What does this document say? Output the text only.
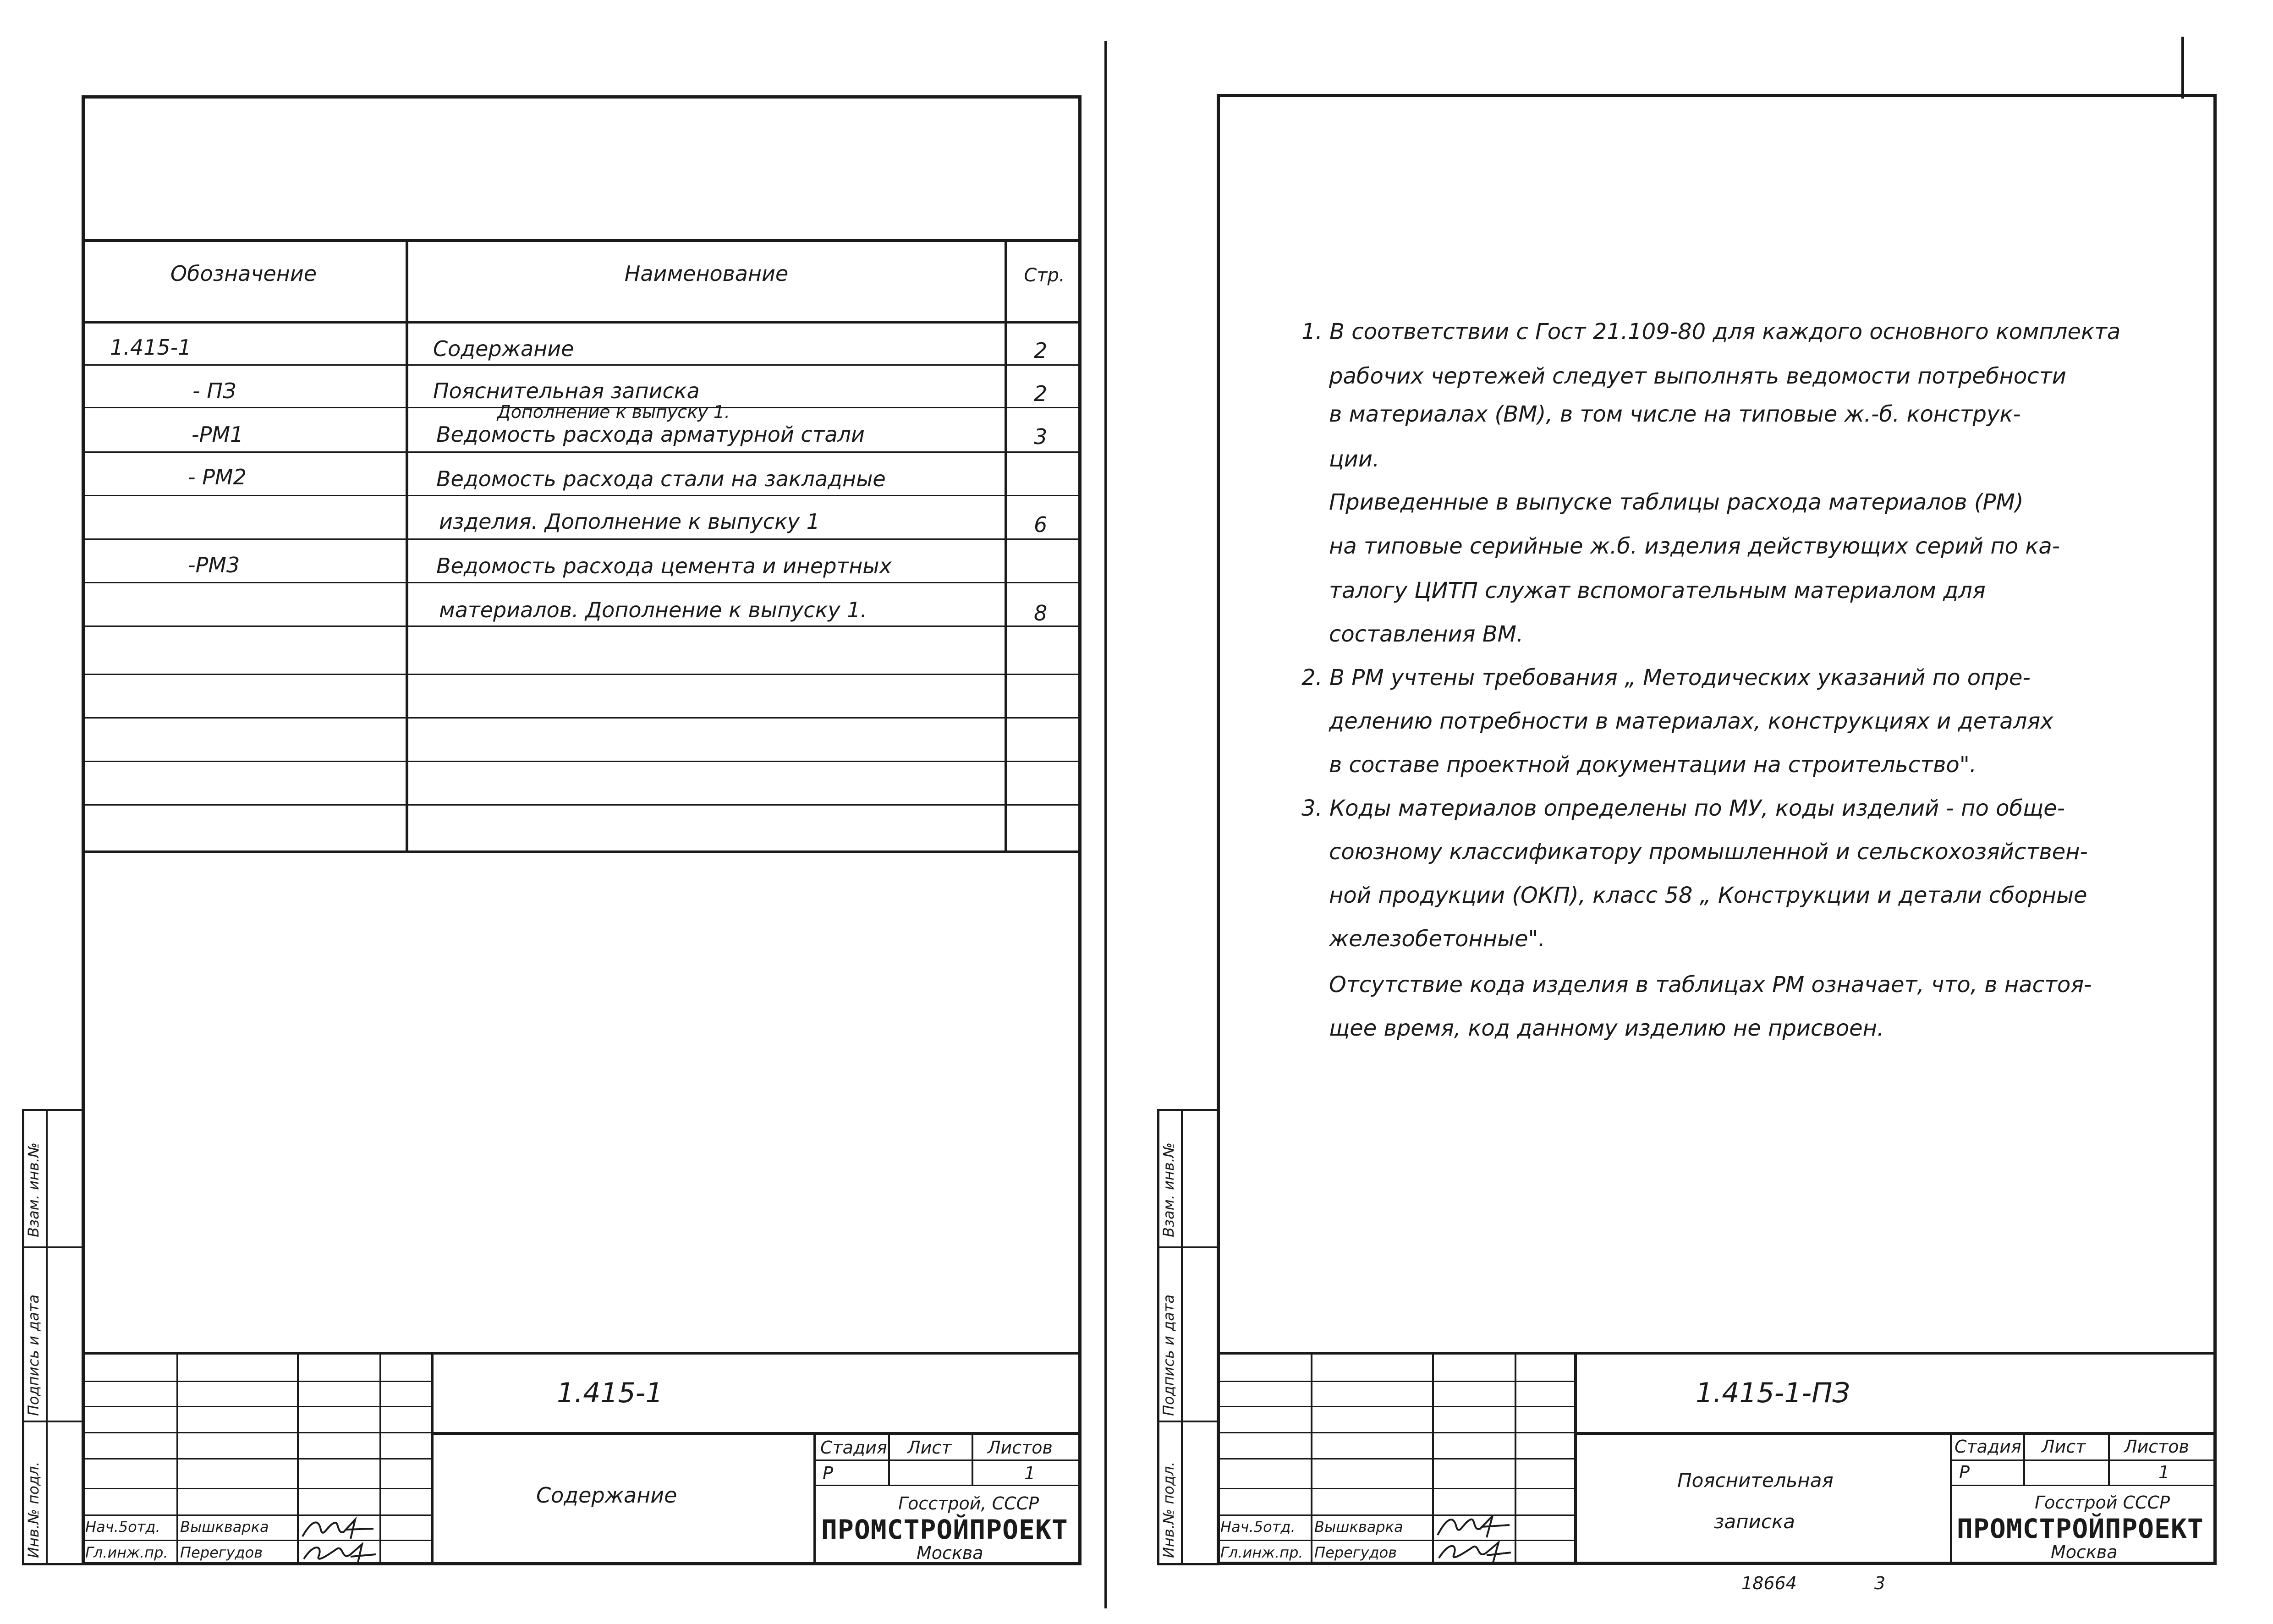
Обозначение	Наименование	Стр.
1.415-1	Содержание	2
- ПЗ	Пояснительная записка	2
Дополнение к выпуску 1.
-РМ1	Ведомость расхода арматурной стали	3
- РМ2	Ведомость расхода стали на закладные
изделия. Дополнение к выпуску 1	6
-РМ3	Ведомость расхода цемента и инертных
материалов. Дополнение к выпуску 1.	8
Взам. инв.№
Подпись и дата
Инв.№ подл.
1.415-1
Содержание
Нач.5отд. Вышкварка
Гл.инж.пр. Перегудов
Стадия Лист Листов
Р	1
Госстрой, СССР
ПРОМСТРОЙПРОЕКТ
Москва
1. В соответствии с Гост 21.109-80 для каждого основного комплекта
рабочих чертежей следует выполнять ведомости потребности
в материалах (ВМ), в том числе на типовые ж.-б. конструк-
ции.
Приведенные в выпуске таблицы расхода материалов (РМ)
на типовые серийные ж.б. изделия действующих серий по ка-
талогу ЦИТП служат вспомогательным материалом для
составления ВМ.
2. В РМ учтены требования „ Методических указаний по опре-
делению потребности в материалах, конструкциях и деталях
в составе проектной документации на строительство".
3. Коды материалов определены по МУ, коды изделий - по обще-
союзному классификатору промышленной и сельскохозяйствен-
ной продукции (ОКП), класс 58 „ Конструкции и детали сборные
железобетонные".
Отсутствие кода изделия в таблицах РМ означает, что, в настоя-
щее время, код данному изделию не присвоен.
Взам. инв.№
Подпись и дата
Инв.№ подл.
1.415-1-ПЗ
Пояснительная
записка
Нач.5отд. Вышкварка
Гл.инж.пр. Перегудов
Стадия Лист Листов
Р	1
Госстрой СССР
ПРОМСТРОЙПРОЕКТ
Москва
18664	3
